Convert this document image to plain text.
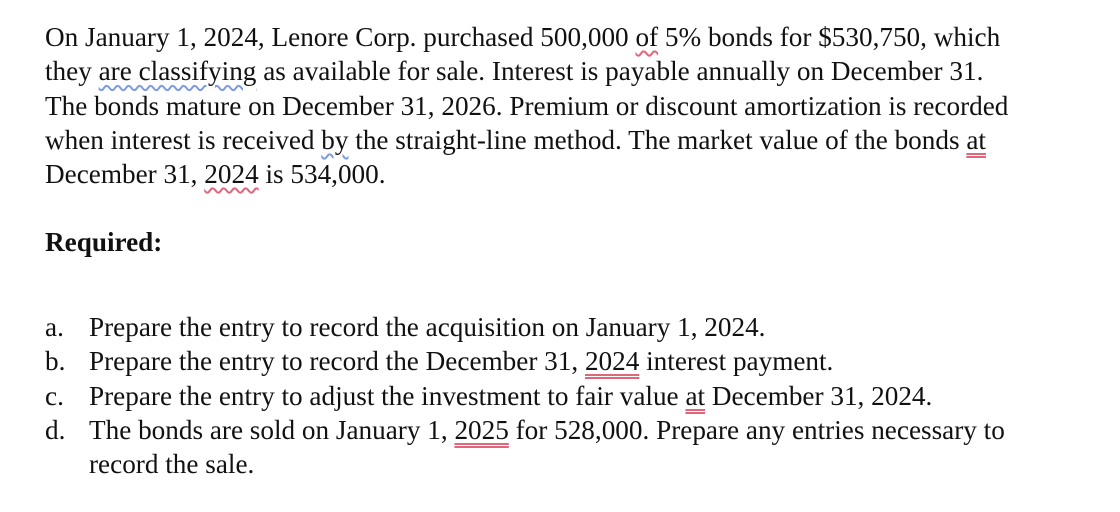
On January 1, 2024, Lenore Corp. purchased 500,000 of 5% bonds for $530,750, which
they are classifying as available for sale. Interest is payable annually on December 31.
The bonds mature on December 31, 2026. Premium or discount amortization is recorded
when interest is received by the straight-line method. The market value of the bonds at
December 31, 2024 is 534,000.

Required:

a. Prepare the entry to record the acquisition on January 1, 2024.
b. Prepare the entry to record the December 31, 2024 interest payment.
c. Prepare the entry to adjust the investment to fair value at December 31, 2024.
d. The bonds are sold on January 1, 2025 for 528,000. Prepare any entries necessary to
record the sale.
